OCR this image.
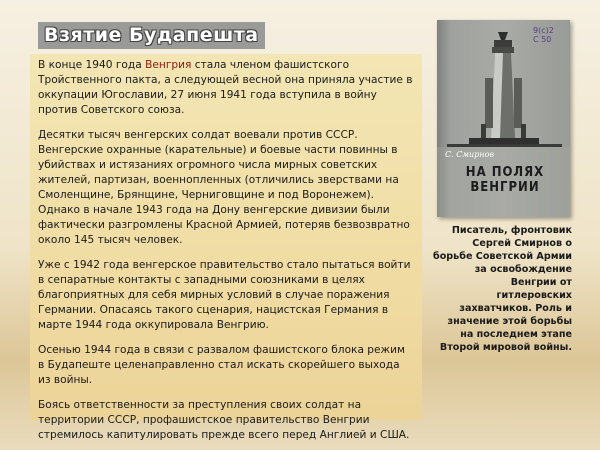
Взятие Будапешта

В конце 1940 года Венгрия стала членом фашистского Тройственного пакта, а следующей весной она приняла участие в оккупации Югославии, 27 июня 1941 года вступила в войну против Советского союза.

Десятки тысяч венгерских солдат воевали против СССР. Венгерские охранные (карательные) и боевые части повинны в убийствах и истязаниях огромного числа мирных советских жителей, партизан, военнопленных (отличились зверствами на Смоленщине, Брянщине, Черниговщине и под Воронежем). Однако в начале 1943 года на Дону венгерские дивизии были фактически разгромлены Красной Армией, потеряв безвозвратно около 145 тысяч человек.

Уже с 1942 года венгерское правительство стало пытаться войти в сепаратные контакты с западными союзниками в целях благоприятных для себя мирных условий в случае поражения Германии. Опасаясь такого сценария, нацистская Германия в марте 1944 года оккупировала Венгрию.

Осенью 1944 года в связи с развалом фашистского блока режим в Будапеште целенаправленно стал искать скорейшего выхода из войны.

Боясь ответственности за преступления своих солдат на территории СССР, профашистское правительство Венгрии стремилось капитулировать прежде всего перед Англией и США.

9(с)2
С 50
С. Смирнов
НА ПОЛЯХ
ВЕНГРИИ
Писатель, фронтовик Сергей Смирнов о борьбе Советской Армии за освобождение Венгрии от гитлеровских захватчиков. Роль и значение этой борьбы на последнем этапе Второй мировой войны.
